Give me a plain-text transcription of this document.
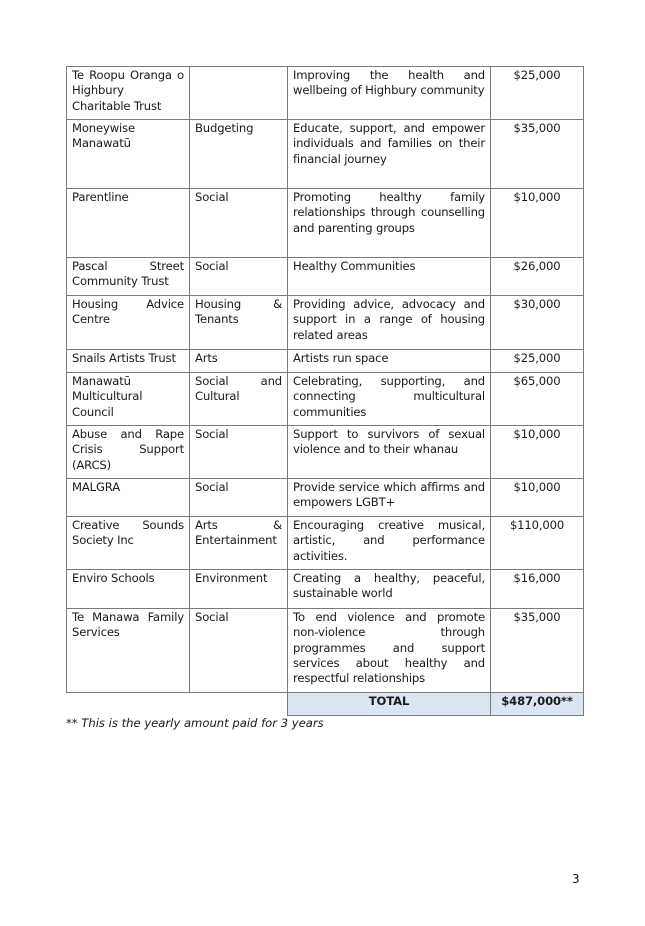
Te Roopu Oranga o Highbury Charitable Trust		Improving the health and wellbeing of Highbury community	$25,000
Moneywise Manawatū	Budgeting	Educate, support, and empower individuals and families on their financial journey	$35,000
Parentline	Social	Promoting healthy family relationships through counselling and parenting groups	$10,000
Pascal Street Community Trust	Social	Healthy Communities	$26,000
Housing Advice Centre	Housing & Tenants	Providing advice, advocacy and support in a range of housing related areas	$30,000
Snails Artists Trust	Arts	Artists run space	$25,000
Manawatū Multicultural Council	Social and Cultural	Celebrating, supporting, and connecting multicultural communities	$65,000
Abuse and Rape Crisis Support (ARCS)	Social	Support to survivors of sexual violence and to their whanau	$10,000
MALGRA	Social	Provide service which affirms and empowers LGBT+	$10,000
Creative Sounds Society Inc	Arts & Entertainment	Encouraging creative musical, artistic, and performance activities.	$110,000
Enviro Schools	Environment	Creating a healthy, peaceful, sustainable world	$16,000
Te Manawa Family Services	Social	To end violence and promote non-violence through programmes and support services about healthy and respectful relationships	$35,000
		TOTAL	$487,000**
** This is the yearly amount paid for 3 years
3
